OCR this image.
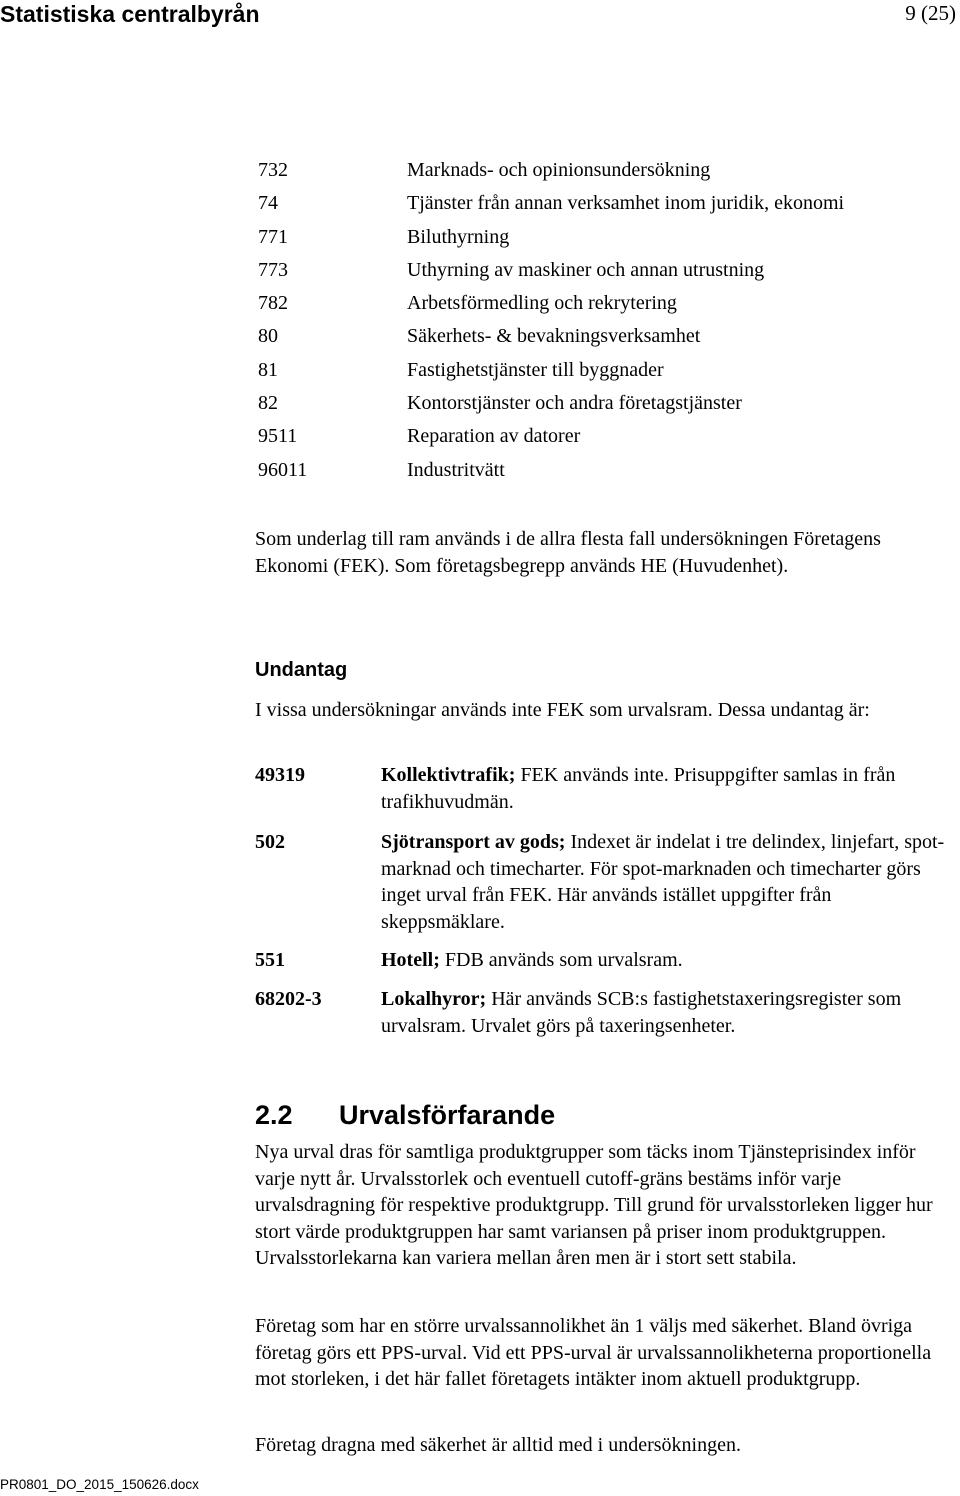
Statistiska centralbyrån	9 (25)
732	Marknads- och opinionsundersökning
74	Tjänster från annan verksamhet inom juridik, ekonomi
771	Biluthyrning
773	Uthyrning av maskiner och annan utrustning
782	Arbetsförmedling och rekrytering
80	Säkerhets- & bevakningsverksamhet
81	Fastighetstjänster till byggnader
82	Kontorstjänster och andra företagstjänster
9511	Reparation av datorer
96011	Industritvätt
Som underlag till ram används i de allra flesta fall undersökningen Företagens Ekonomi (FEK). Som företagsbegrepp används HE (Huvudenhet).
Undantag
I vissa undersökningar används inte FEK som urvalsram. Dessa undantag är:
49319	Kollektivtrafik; FEK används inte. Prisuppgifter samlas in från trafikhuvudmän.
502	Sjötransport av gods; Indexet är indelat i tre delindex, linjefart, spot-marknad och timecharter. För spot-marknaden och timecharter görs inget urval från FEK. Här används istället uppgifter från skeppsmäklare.
551	Hotell; FDB används som urvalsram.
68202-3	Lokalhyror; Här används SCB:s fastighetstaxeringsregister som urvalsram. Urvalet görs på taxeringsenheter.
2.2 Urvalsförfarande
Nya urval dras för samtliga produktgrupper som täcks inom Tjänsteprisindex inför varje nytt år. Urvalsstorlek och eventuell cutoff-gräns bestäms inför varje urvalsdragning för respektive produktgrupp. Till grund för urvalsstorleken ligger hur stort värde produktgruppen har samt variansen på priser inom produktgruppen. Urvalsstorlekarna kan variera mellan åren men är i stort sett stabila.
Företag som har en större urvalssannolikhet än 1 väljs med säkerhet. Bland övriga företag görs ett PPS-urval. Vid ett PPS-urval är urvalssannolikheterna proportionella mot storleken, i det här fallet företagets intäkter inom aktuell produktgrupp.
Företag dragna med säkerhet är alltid med i undersökningen.
PR0801_DO_2015_150626.docx
